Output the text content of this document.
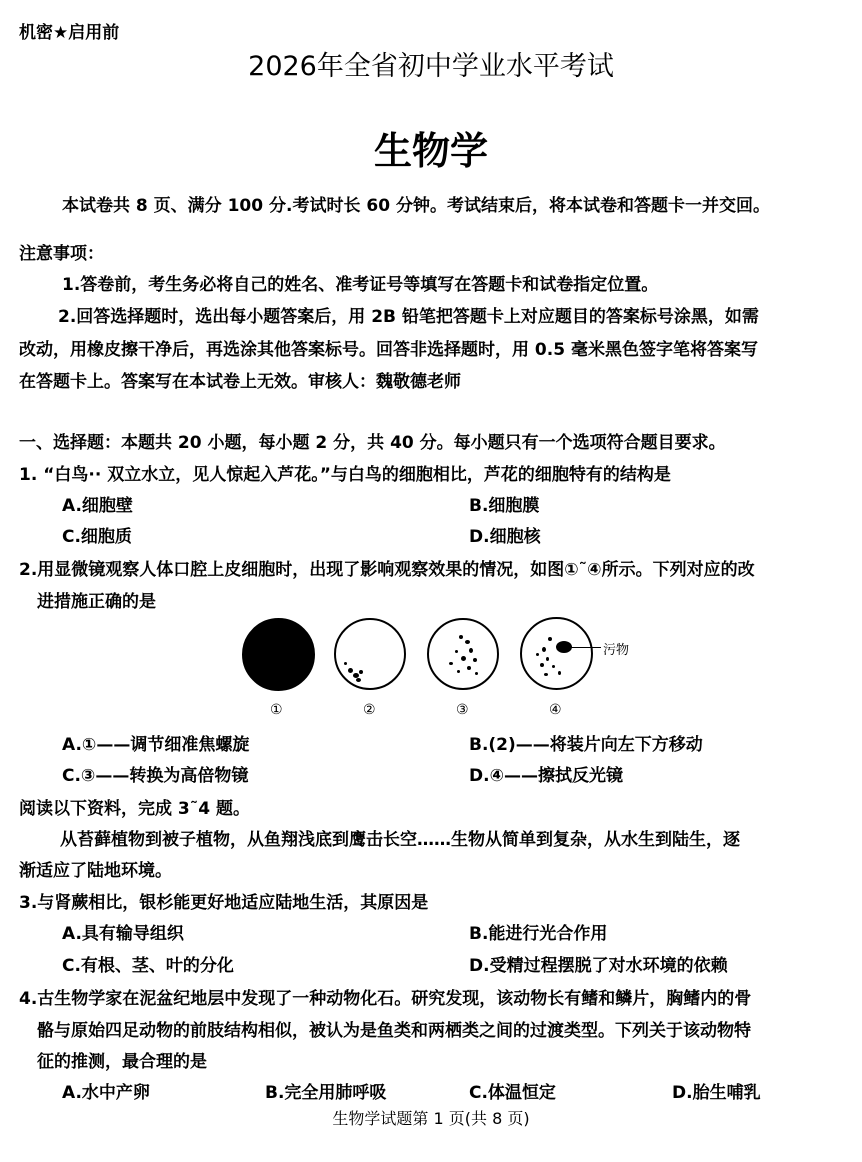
机密★启用前
2026年全省初中学业水平考试
生物学
本试卷共 8 页、满分 100 分.考试时长 60 分钟。考试结束后，将本试卷和答题卡一并交回。
注意事项：
1.答卷前，考生务必将自己的姓名、准考证号等填写在答题卡和试卷指定位置。
2.回答选择题时，选出每小题答案后，用 2B 铅笔把答题卡上对应题目的答案标号涂黑，如需
改动，用橡皮擦干净后，再选涂其他答案标号。回答非选择题时，用 0.5 毫米黑色签字笔将答案写
在答题卡上。答案写在本试卷上无效。审核人：魏敬德老师
一、选择题：本题共 20 小题，每小题 2 分，共 40 分。每小题只有一个选项符合题目要求。
1. “白鸟·· 双立水立，见人惊起入芦花。”与白鸟的细胞相比，芦花的细胞特有的结构是
A.细胞壁	B.细胞膜
C.细胞质	D.细胞核
2.用显微镜观察人体口腔上皮细胞时，出现了影响观察效果的情况，如图①˜④所示。下列对应的改
进措施正确的是
污物
①	②	③	④
A.①——调节细准焦螺旋	B.(2)——将装片向左下方移动
C.③——转换为高倍物镜	D.④——擦拭反光镜
阅读以下资料，完成 3˜4 题。
从苔藓植物到被子植物，从鱼翔浅底到鹰击长空……生物从简单到复杂，从水生到陆生，逐
渐适应了陆地环境。
3.与肾蕨相比，银杉能更好地适应陆地生活，其原因是
A.具有输导组织	B.能进行光合作用
C.有根、茎、叶的分化	D.受精过程摆脱了对水环境的依赖
4.古生物学家在泥盆纪地层中发现了一种动物化石。研究发现，该动物长有鳍和鳞片，胸鳍内的骨
骼与原始四足动物的前肢结构相似，被认为是鱼类和两栖类之间的过渡类型。下列关于该动物特
征的推测，最合理的是
A.水中产卵	B.完全用肺呼吸	C.体温恒定	D.胎生哺乳
生物学试题第 1 页(共 8 页)
